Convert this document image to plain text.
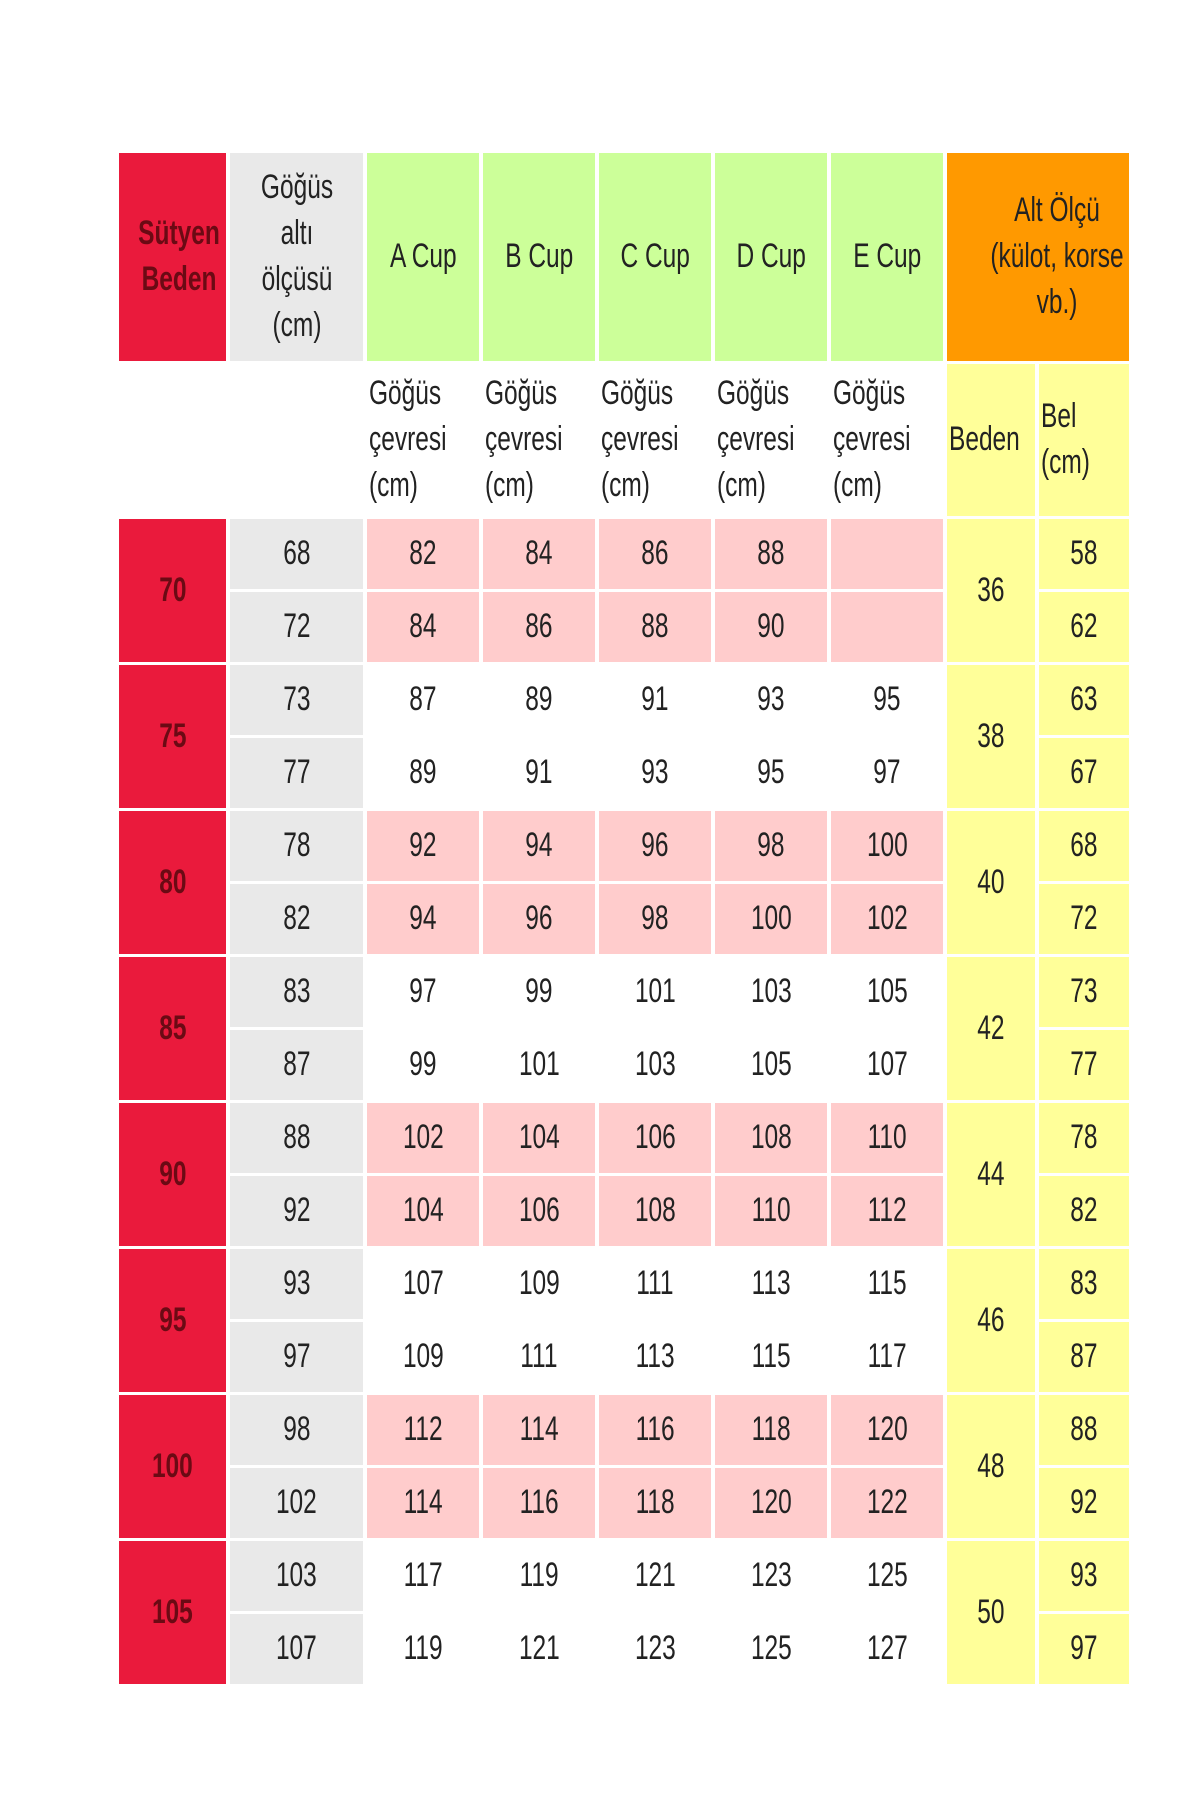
Sütyen Beden	Göğüs altı ölçüsü (cm)	A Cup	B Cup	C Cup	D Cup	E Cup	Alt Ölçü (külot, korse vb.)	
		Göğüs çevresi (cm)	Göğüs çevresi (cm)	Göğüs çevresi (cm)	Göğüs çevresi (cm)	Göğüs çevresi (cm)	Beden	Bel (cm)
70	68	82	84	86	88		36	58
	72	84	86	88	90			62
75	73	87	89	91	93	95	38	63
	77	89	91	93	95	97		67
80	78	92	94	96	98	100	40	68
	82	94	96	98	100	102		72
85	83	97	99	101	103	105	42	73
	87	99	101	103	105	107		77
90	88	102	104	106	108	110	44	78
	92	104	106	108	110	112		82
95	93	107	109	111	113	115	46	83
	97	109	111	113	115	117		87
100	98	112	114	116	118	120	48	88
	102	114	116	118	120	122		92
105	103	117	119	121	123	125	50	93
	107	119	121	123	125	127		97
